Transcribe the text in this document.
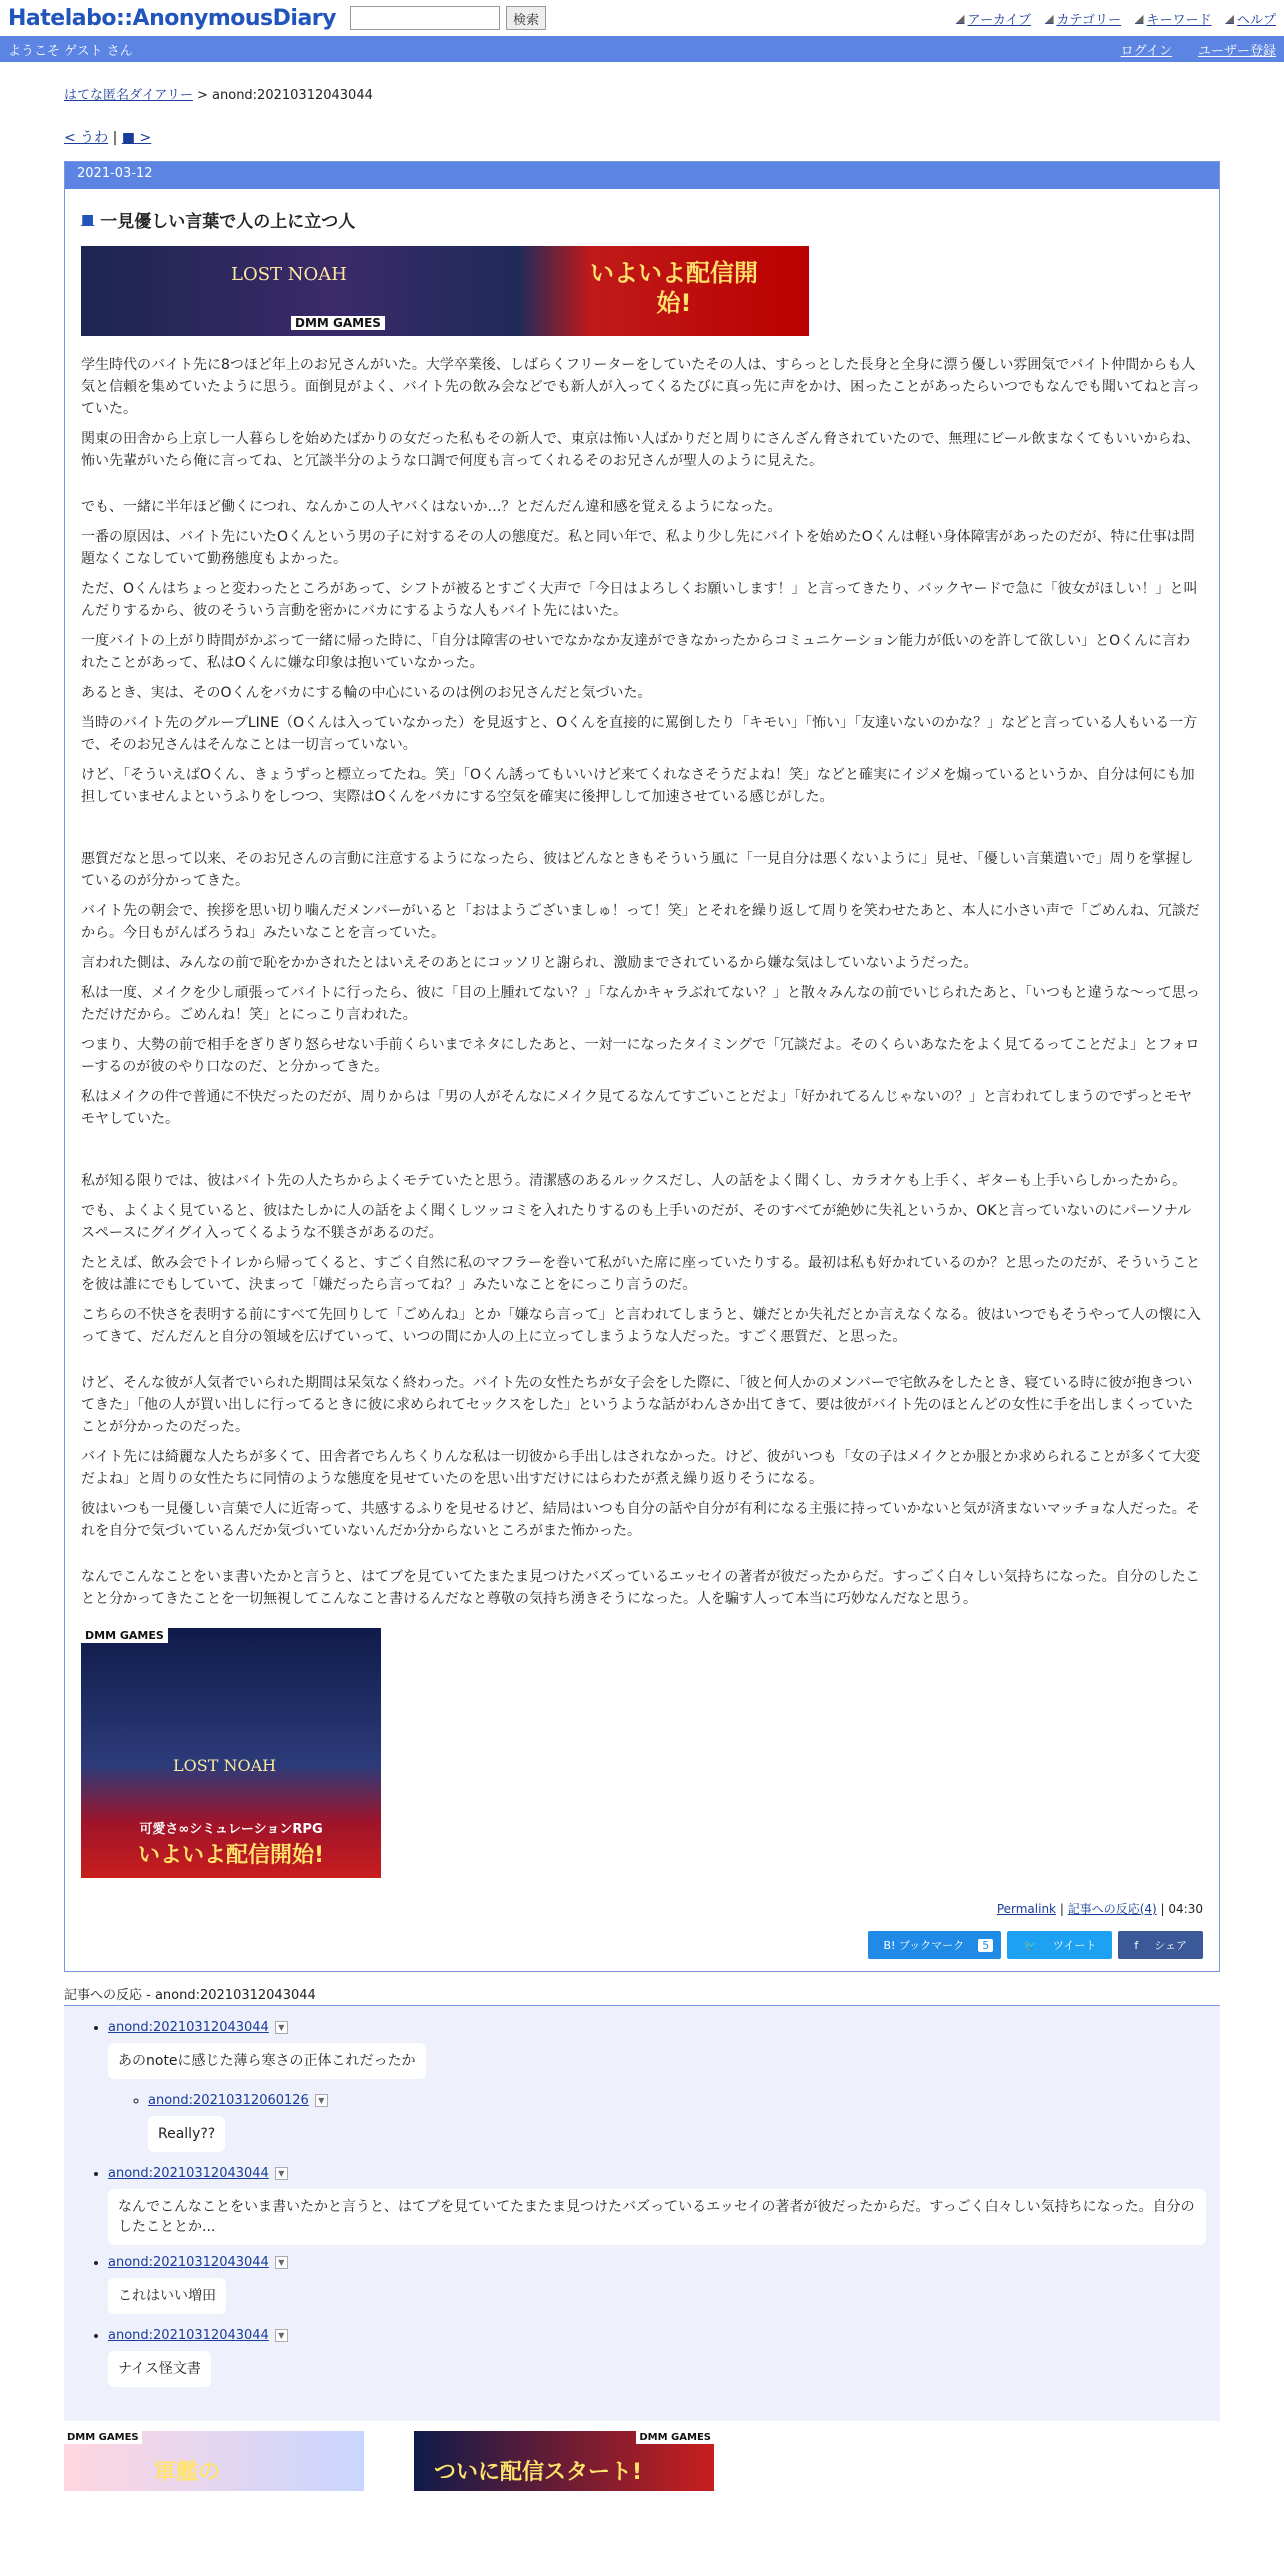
Hatelabo::AnonymousDiary	検索	◢ アーカイブ ◢ カテゴリー ◢ キーワード ◢ ヘルプ
ようこそ ゲスト さん	ログイン ユーザー登録
はてな匿名ダイアリー > anond:20210312043044
< うわ | ■ >
2021-03-12
■ 一見優しい言葉で人の上に立つ人
LOST NOAH
DMM GAMES
いよいよ配信開始!

学生時代のバイト先に8つほど年上のお兄さんがいた。大学卒業後、しばらくフリーターをしていたその人は、すらっとした長身と全身に漂う優しい雰囲気でバイト仲間からも人気と信頼を集めていたように思う。面倒見がよく、バイト先の飲み会などでも新人が入ってくるたびに真っ先に声をかけ、困ったことがあったらいつでもなんでも聞いてねと言っていた。

関東の田舎から上京し一人暮らしを始めたばかりの女だった私もその新人で、東京は怖い人ばかりだと周りにさんざん脅されていたので、無理にビール飲まなくてもいいからね、怖い先輩がいたら俺に言ってね、と冗談半分のような口調で何度も言ってくれるそのお兄さんが聖人のように見えた。

でも、一緒に半年ほど働くにつれ、なんかこの人ヤバくはないか…？とだんだん違和感を覚えるようになった。

一番の原因は、バイト先にいたOくんという男の子に対するその人の態度だ。私と同い年で、私より少し先にバイトを始めたOくんは軽い身体障害があったのだが、特に仕事は問題なくこなしていて勤務態度もよかった。

ただ、Oくんはちょっと変わったところがあって、シフトが被るとすごく大声で「今日はよろしくお願いします！」と言ってきたり、バックヤードで急に「彼女がほしい！」と叫んだりするから、彼のそういう言動を密かにバカにするような人もバイト先にはいた。

一度バイトの上がり時間がかぶって一緒に帰った時に、「自分は障害のせいでなかなか友達ができなかったからコミュニケーション能力が低いのを許して欲しい」とOくんに言われたことがあって、私はOくんに嫌な印象は抱いていなかった。

あるとき、実は、そのOくんをバカにする輪の中心にいるのは例のお兄さんだと気づいた。

当時のバイト先のグループLINE（Oくんは入っていなかった）を見返すと、Oくんを直接的に罵倒したり「キモい」「怖い」「友達いないのかな？」などと言っている人もいる一方で、そのお兄さんはそんなことは一切言っていない。

けど、「そういえばOくん、きょうずっと標立ってたね。笑」「Oくん誘ってもいいけど来てくれなさそうだよね！笑」などと確実にイジメを煽っているというか、自分は何にも加担していませんよというふりをしつつ、実際はOくんをバカにする空気を確実に後押しして加速させている感じがした。

悪質だなと思って以来、そのお兄さんの言動に注意するようになったら、彼はどんなときもそういう風に「一見自分は悪くないように」見せ、「優しい言葉遣いで」周りを掌握しているのが分かってきた。

バイト先の朝会で、挨拶を思い切り噛んだメンバーがいると「おはようございましゅ！って！笑」とそれを繰り返して周りを笑わせたあと、本人に小さい声で「ごめんね、冗談だから。今日もがんばろうね」みたいなことを言っていた。

言われた側は、みんなの前で恥をかかされたとはいえそのあとにコッソリと謝られ、激励までされているから嫌な気はしていないようだった。

私は一度、メイクを少し頑張ってバイトに行ったら、彼に「目の上腫れてない？」「なんかキャラぶれてない？」と散々みんなの前でいじられたあと、「いつもと違うな〜って思っただけだから。ごめんね！笑」とにっこり言われた。

つまり、大勢の前で相手をぎりぎり怒らせない手前くらいまでネタにしたあと、一対一になったタイミングで「冗談だよ。そのくらいあなたをよく見てるってことだよ」とフォローするのが彼のやり口なのだ、と分かってきた。

私はメイクの件で普通に不快だったのだが、周りからは「男の人がそんなにメイク見てるなんてすごいことだよ」「好かれてるんじゃないの？」と言われてしまうのでずっとモヤモヤしていた。

私が知る限りでは、彼はバイト先の人たちからよくモテていたと思う。清潔感のあるルックスだし、人の話をよく聞くし、カラオケも上手く、ギターも上手いらしかったから。

でも、よくよく見ていると、彼はたしかに人の話をよく聞くしツッコミを入れたりするのも上手いのだが、そのすべてが絶妙に失礼というか、OKと言っていないのにパーソナルスペースにグイグイ入ってくるような不躾さがあるのだ。

たとえば、飲み会でトイレから帰ってくると、すごく自然に私のマフラーを巻いて私がいた席に座っていたりする。最初は私も好かれているのか？と思ったのだが、そういうことを彼は誰にでもしていて、決まって「嫌だったら言ってね？」みたいなことをにっこり言うのだ。

こちらの不快さを表明する前にすべて先回りして「ごめんね」とか「嫌なら言って」と言われてしまうと、嫌だとか失礼だとか言えなくなる。彼はいつでもそうやって人の懐に入ってきて、だんだんと自分の領域を広げていって、いつの間にか人の上に立ってしまうような人だった。すごく悪質だ、と思った。

けど、そんな彼が人気者でいられた期間は呆気なく終わった。バイト先の女性たちが女子会をした際に、「彼と何人かのメンバーで宅飲みをしたとき、寝ている時に彼が抱きついてきた」「他の人が買い出しに行ってるときに彼に求められてセックスをした」というような話がわんさか出てきて、要は彼がバイト先のほとんどの女性に手を出しまくっていたことが分かったのだった。

バイト先には綺麗な人たちが多くて、田舎者でちんちくりんな私は一切彼から手出しはされなかった。けど、彼がいつも「女の子はメイクとか服とか求められることが多くて大変だよね」と周りの女性たちに同情のような態度を見せていたのを思い出すだけにはらわたが煮え繰り返りそうになる。

彼はいつも一見優しい言葉で人に近寄って、共感するふりを見せるけど、結局はいつも自分の話や自分が有利になる主張に持っていかないと気が済まないマッチョな人だった。それを自分で気づいているんだか気づいていないんだか分からないところがまた怖かった。

なんでこんなことをいま書いたかと言うと、はてブを見ていてたまたま見つけたバズっているエッセイの著者が彼だったからだ。すっごく白々しい気持ちになった。自分のしたことと分かってきたことを一切無視してこんなこと書けるんだなと尊敬の気持ち湧きそうになった。人を騙す人って本当に巧妙なんだなと思う。

DMM GAMES
LOST NOAH
可愛さ∞シミュレーションRPG
いよいよ配信開始!
Permalink | 記事への反応(4) | 04:30
B! ブックマーク 5	🐦ツイート	fシェア
記事への反応 - anond:20210312043044
• anond:20210312043044 ▼
あのnoteに感じた薄ら寒さの正体これだったか
◦ anond:20210312060126 ▼
Really??
• anond:20210312043044 ▼

なんでこんなことをいま書いたかと言うと、はてブを見ていてたまたま見つけたバズっているエッセイの著者が彼だったからだ。すっごく白々しい気持ちになった。自分のしたこととか...
• anond:20210312043044 ▼
これはいい増田
• anond:20210312043044 ▼
ナイス怪文書
DMM GAMES
軍艦の
DMM GAMES
ついに配信スタート!
